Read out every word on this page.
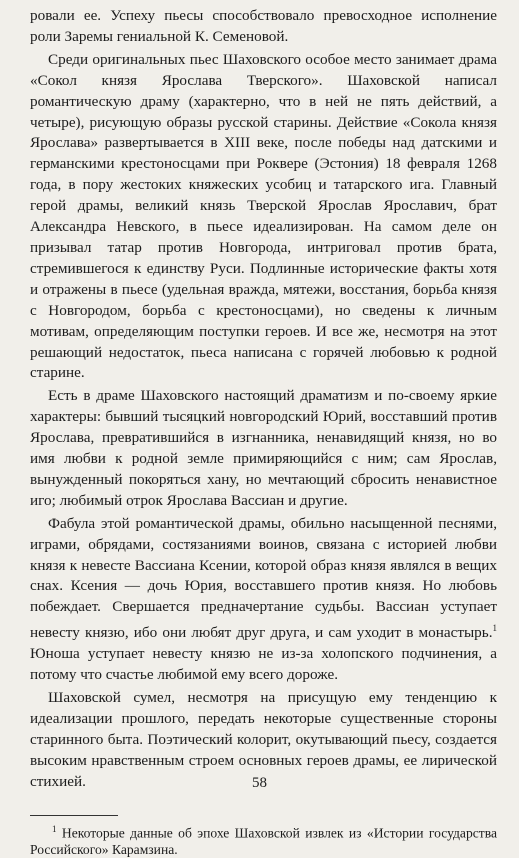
ровали ее. Успеху пьесы способствовало превосходное исполнение роли Заремы гениальной К. Семеновой.

Среди оригинальных пьес Шаховского особое место занимает драма «Сокол князя Ярослава Тверского». Шаховской написал романтическую драму (характерно, что в ней не пять действий, а четыре), рисующую образы русской старины. Действие «Сокола князя Ярослава» развертывается в XIII веке, после победы над датскими и германскими крестоносцами при Роквере (Эстония) 18 февраля 1268 года, в пору жестоких княжеских усобиц и татарского ига. Главный герой драмы, великий князь Тверской Ярослав Ярославич, брат Александра Невского, в пьесе идеализирован. На самом деле он призывал татар против Новгорода, интриговал против брата, стремившегося к единству Руси. Подлинные исторические факты хотя и отражены в пьесе (удельная вражда, мятежи, восстания, борьба князя с Новгородом, борьба с крестоносцами), но сведены к личным мотивам, определяющим поступки героев. И все же, несмотря на этот решающий недостаток, пьеса написана с горячей любовью к родной старине.

Есть в драме Шаховского настоящий драматизм и по-своему яркие характеры: бывший тысяцкий новгородский Юрий, восставший против Ярослава, превратившийся в изгнанника, ненавидящий князя, но во имя любви к родной земле примиряющийся с ним; сам Ярослав, вынужденный покоряться хану, но мечтающий сбросить ненавистное иго; любимый отрок Ярослава Вассиан и другие.

Фабула этой романтической драмы, обильно насыщенной песнями, играми, обрядами, состязаниями воинов, связана с историей любви князя к невесте Вассиана Ксении, которой образ князя являлся в вещих снах. Ксения — дочь Юрия, восставшего против князя. Но любовь побеждает. Свершается предначертание судьбы. Вассиан уступает невесту князю, ибо они любят друг друга, и сам уходит в монастырь.$^1$ Юноша уступает невесту князю не из-за холопского подчинения, а потому что счастье любимой ему всего дороже.

Шаховской сумел, несмотря на присущую ему тенденцию к идеализации прошлого, передать некоторые существенные стороны старинного быта. Поэтический колорит, окутывающий пьесу, создается высоким нравственным строем основных героев драмы, ее лирической стихией.

$^1$ Некоторые данные об эпохе Шаховской извлек из «Истории государства Российского» Карамзина.

58
